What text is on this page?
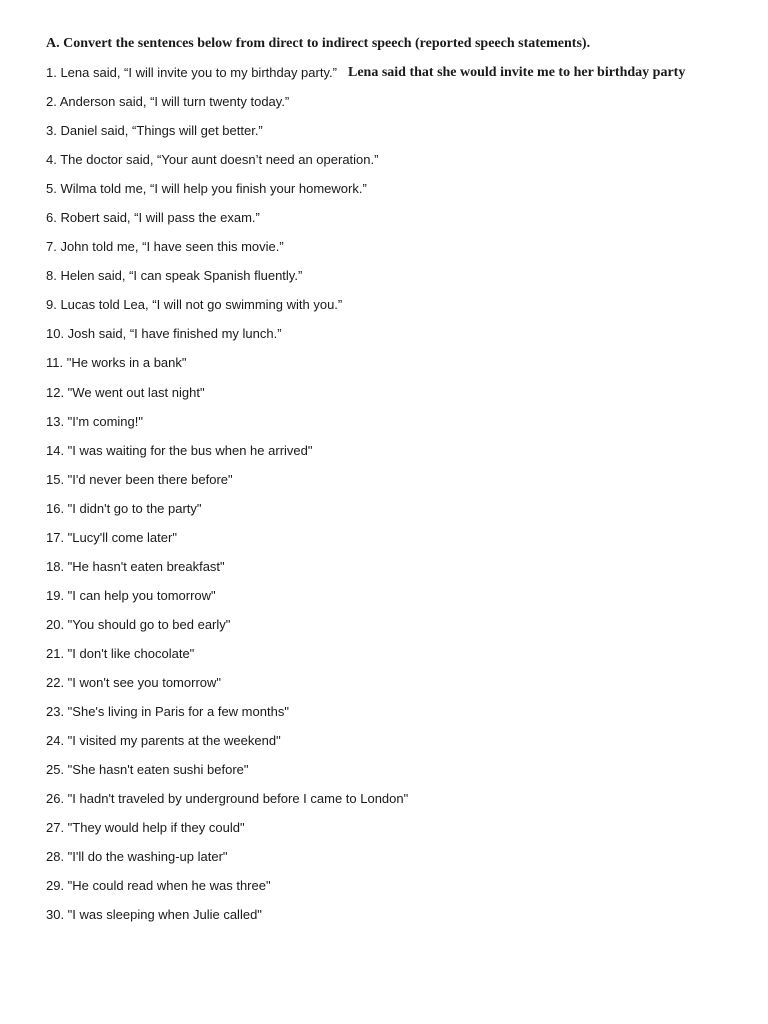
A. Convert the sentences below from direct to indirect speech (reported speech statements).
1. Lena said, “I will invite you to my birthday party.” Lena said that she would invite me to her birthday party
2. Anderson said, “I will turn twenty today.”
3. Daniel said, “Things will get better.”
4. The doctor said, “Your aunt doesn’t need an operation.”
5. Wilma told me, “I will help you finish your homework.”
6. Robert said, “I will pass the exam.”
7. John told me, “I have seen this movie.”
8. Helen said, “I can speak Spanish fluently.”
9. Lucas told Lea, “I will not go swimming with you.”
10. Josh said, “I have finished my lunch.”
11. "He works in a bank"
12. "We went out last night"
13. "I'm coming!"
14. "I was waiting for the bus when he arrived"
15. "I'd never been there before"
16. "I didn't go to the party"
17. "Lucy'll come later"
18. "He hasn't eaten breakfast"
19. "I can help you tomorrow"
20. "You should go to bed early"
21. "I don't like chocolate"
22. "I won't see you tomorrow"
23. "She's living in Paris for a few months"
24. "I visited my parents at the weekend"
25. "She hasn't eaten sushi before"
26. "I hadn't traveled by underground before I came to London"
27. "They would help if they could"
28. "I'll do the washing-up later"
29. "He could read when he was three"
30. "I was sleeping when Julie called"
